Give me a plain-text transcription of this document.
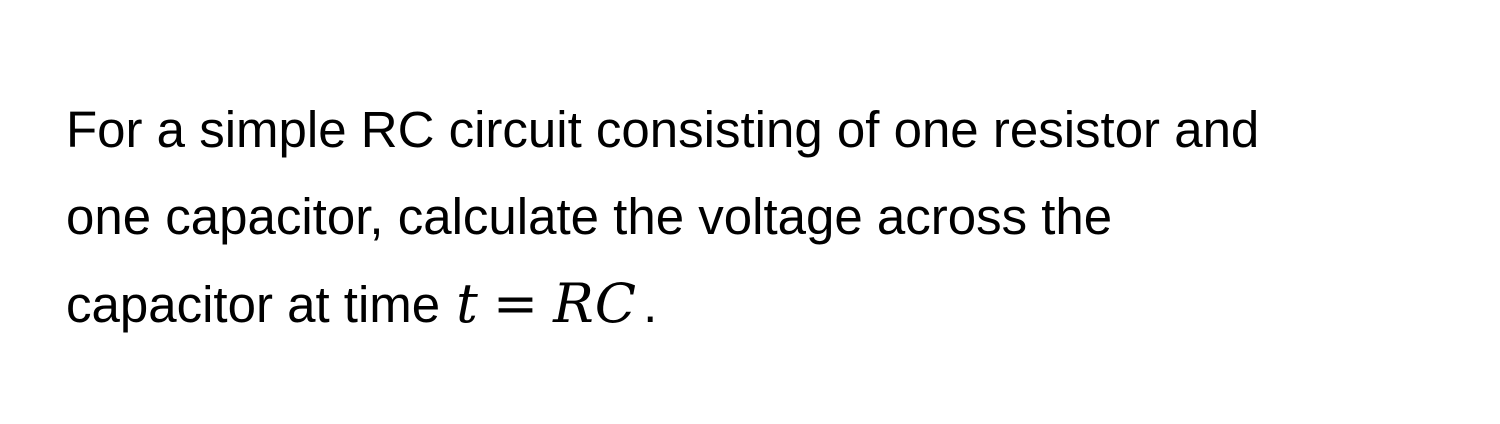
For a simple RC circuit consisting of one resistor and
one capacitor, calculate the voltage across the
capacitor at time t = RC .
